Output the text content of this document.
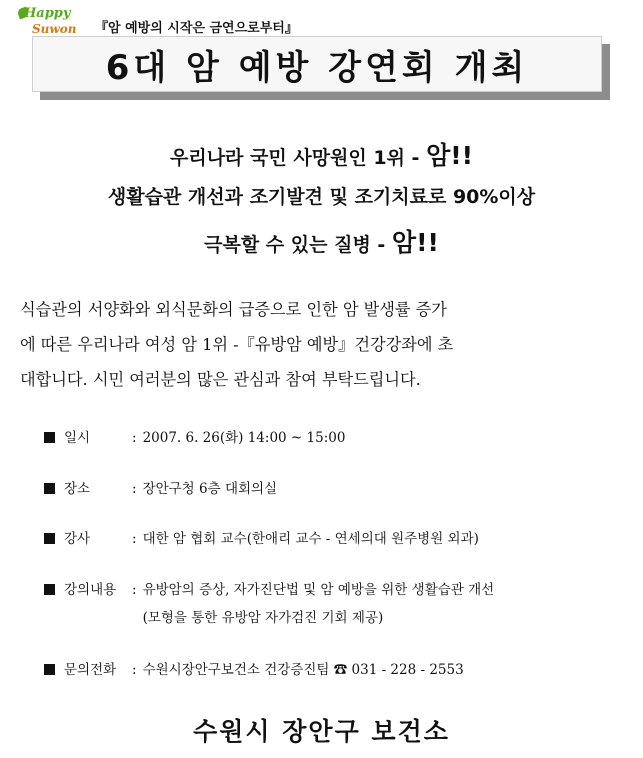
Happy
Suwon 『암 예방의 시작은 금연으로부터』
6대 암 예방 강연회 개최
우리나라 국민 사망원인 1위 - 암!!
생활습관 개선과 조기발견 및 조기치료로 90%이상
극복할 수 있는 질병 - 암!!
식습관의 서양화와 외식문화의 급증으로 인한 암 발생률 증가
에 따른 우리나라 여성 암 1위 -『유방암 예방』건강강좌에 초
대합니다. 시민 여러분의 많은 관심과 참여 부탁드립니다.
일시	: 2007. 6. 26(화) 14:00 ~ 15:00
장소	: 장안구청 6층 대회의실
강사	: 대한 암 협회 교수(한애리 교수 - 연세의대 원주병원 외과)
강의내용	: 유방암의 증상, 자가진단법 및 암 예방을 위한 생활습관 개선
(모형을 통한 유방암 자가검진 기회 제공)
문의전화	: 수원시장안구보건소 건강증진팀 ☎ 031 - 228 - 2553
수원시 장안구 보건소
